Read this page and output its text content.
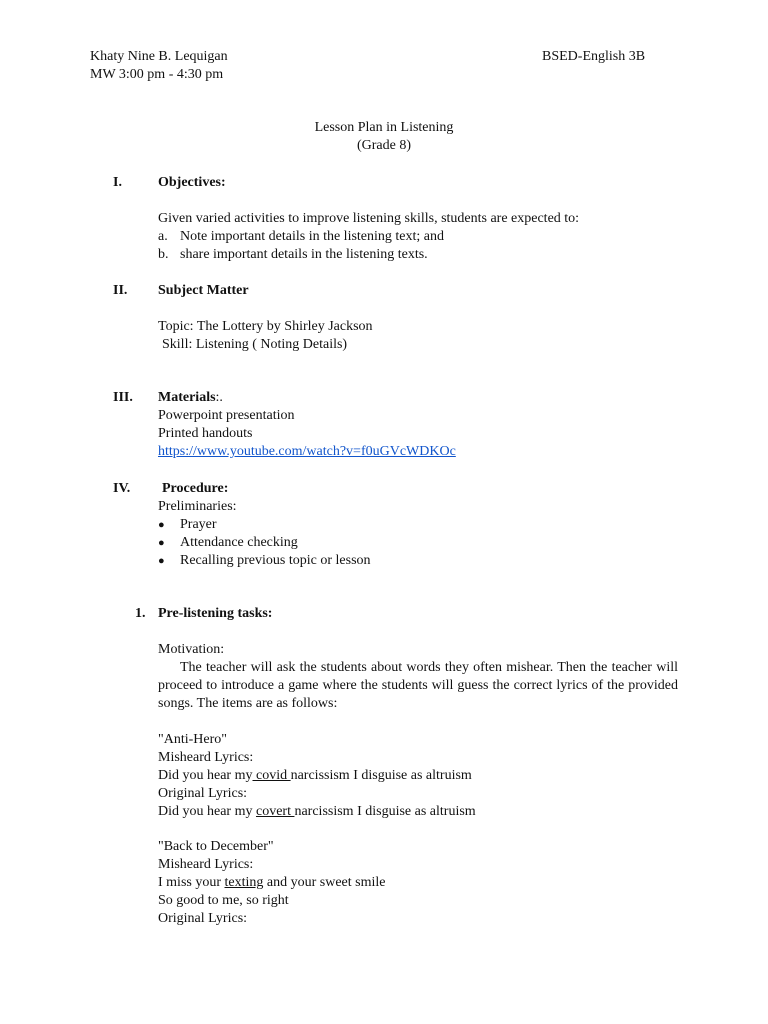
Khaty Nine B. Lequigan
MW 3:00 pm - 4:30 pm
BSED-English 3B
Lesson Plan in Listening
(Grade 8)
I.	Objectives:
Given varied activities to improve listening skills, students are expected to:
a. Note important details in the listening text; and
b. share important details in the listening texts.
II. Subject Matter
Topic: The Lottery by Shirley Jackson
Skill: Listening ( Noting Details)
III. Materials:.
Powerpoint presentation
Printed handouts
https://www.youtube.com/watch?v=f0uGVcWDKOc
IV. Procedure:
Preliminaries:
● Prayer
● Attendance checking
● Recalling previous topic or lesson
1. Pre-listening tasks:
Motivation:
The teacher will ask the students about words they often mishear. Then the teacher will proceed to introduce a game where the students will guess the correct lyrics of the provided songs. The items are as follows:
"Anti-Hero"
Misheard Lyrics:
Did you hear my covid narcissism I disguise as altruism
Original Lyrics:
Did you hear my covert narcissism I disguise as altruism
"Back to December"
Misheard Lyrics:
I miss your texting and your sweet smile
So good to me, so right
Original Lyrics:
